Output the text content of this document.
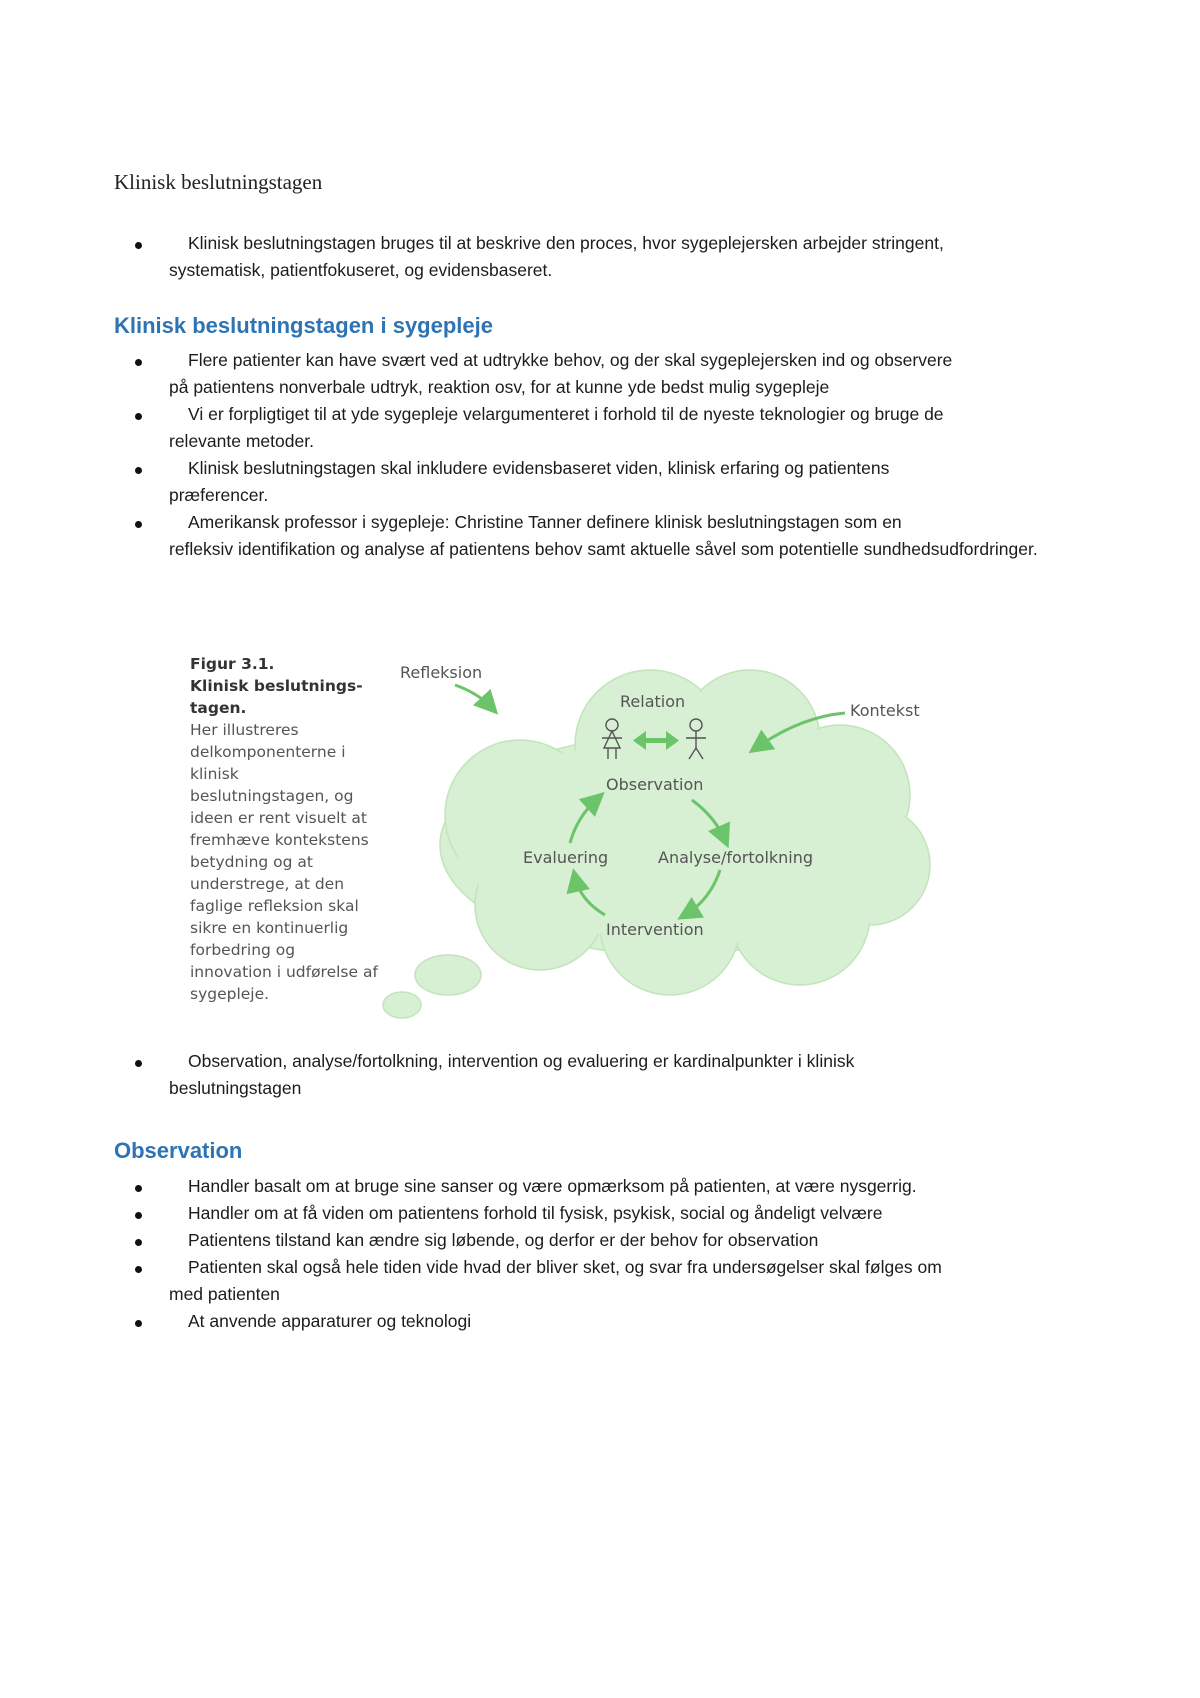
Klinisk beslutningstagen
Klinisk beslutningstagen bruges til at beskrive den proces, hvor sygeplejersken arbejder stringent,
systematisk, patientfokuseret, og evidensbaseret.
Klinisk beslutningstagen i sygepleje
Flere patienter kan have svært ved at udtrykke behov, og der skal sygeplejersken ind og observere
på patientens nonverbale udtryk, reaktion osv, for at kunne yde bedst mulig sygepleje
Vi er forpligtiget til at yde sygepleje velargumenteret i forhold til de nyeste teknologier og bruge de
relevante metoder.
Klinisk beslutningstagen skal inkludere evidensbaseret viden, klinisk erfaring og patientens
præferencer.
Amerikansk professor i sygepleje: Christine Tanner definere klinisk beslutningstagen som en
refleksiv identifikation og analyse af patientens behov samt aktuelle såvel som potentielle sundhedsudfordringer.
Figur 3.1.
Klinisk beslutnings-tagen.
Her illustreres delkomponenterne i klinisk beslutningstagen, og ideen er rent visuelt at fremhæve kontekstens betydning og at understrege, at den faglige refleksion skal sikre en kontinuerlig forbedring og innovation i udførelse af sygepleje.
Refleksion
Relation	Kontekst
Observation
Evaluering	Analyse/fortolkning
Intervention
Observation, analyse/fortolkning, intervention og evaluering er kardinalpunkter i klinisk
beslutningstagen
Observation
Handler basalt om at bruge sine sanser og være opmærksom på patienten, at være nysgerrig.
Handler om at få viden om patientens forhold til fysisk, psykisk, social og åndeligt velvære
Patientens tilstand kan ændre sig løbende, og derfor er der behov for observation
Patienten skal også hele tiden vide hvad der bliver sket, og svar fra undersøgelser skal følges om
med patienten
At anvende apparaturer og teknologi
